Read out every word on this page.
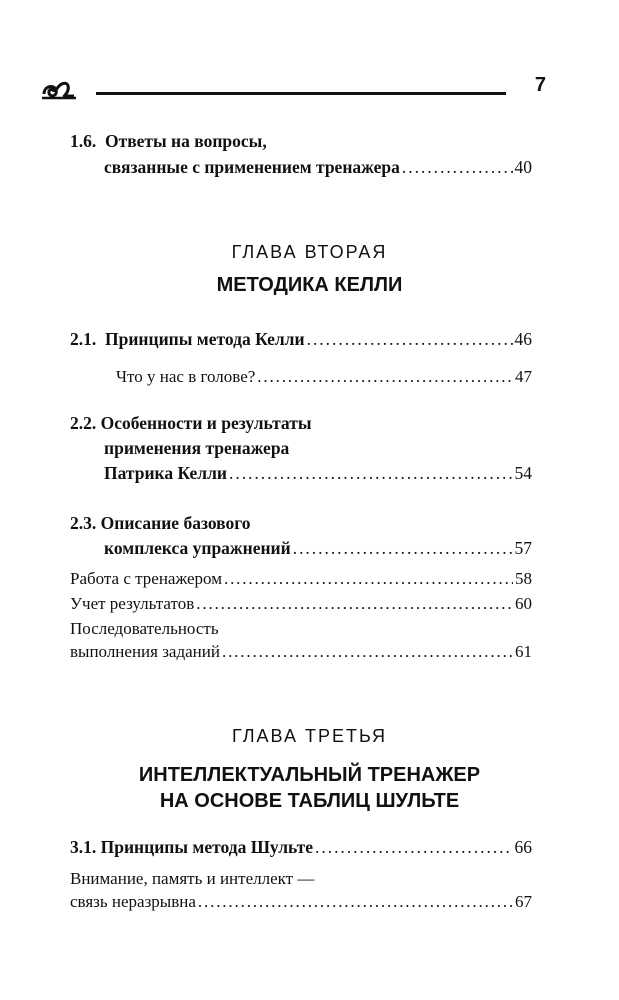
7
1.6. Ответы на вопросы,
связанные с применением тренажера . . .	40
ГЛАВА ВТОРАЯ
МЕТОДИКА КЕЛЛИ
2.1.
Принципы метода Келли . . .	46
Что у нас в голове? . . .	47
2.2. Особенности и результаты
применения тренажера
Патрика Келли . . .	54
2.3. Описание базового
комплекса упражнений . . .	57
Работа с тренажером . . .	58
Учет результатов . . .	60
Последовательность
выполнения заданий . . .	61
ГЛАВА ТРЕТЬЯ
ИНТЕЛЛЕКТУАЛЬНЫЙ ТРЕНАЖЕР
НА ОСНОВЕ ТАБЛИЦ ШУЛЬТЕ
3.1.
Принципы метода Шульте . . .	66
Внимание, память и интеллект —
связь неразрывна . . .	67
